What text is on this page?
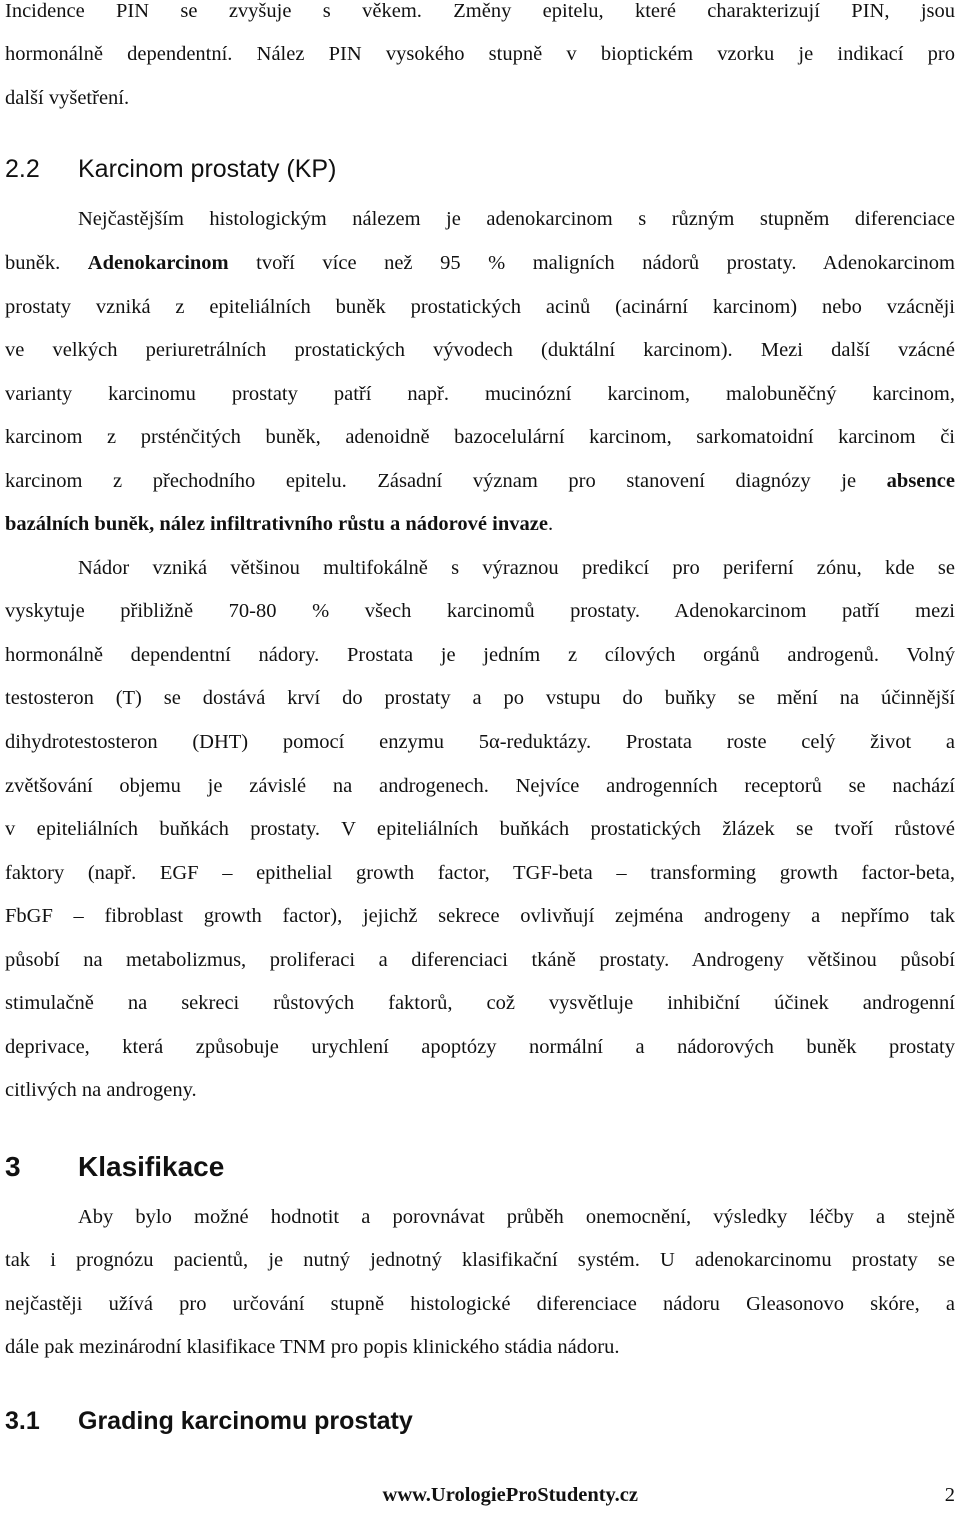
Incidence PIN se zvyšuje s věkem. Změny epitelu, které charakterizují PIN, jsou
hormonálně dependentní. Nález PIN vysokého stupně v bioptickém vzorku je indikací pro
další vyšetření.
2.2 Karcinom prostaty (KP)
Nejčastějším histologickým nálezem je adenokarcinom s různým stupněm diferenciace
buněk. Adenokarcinom tvoří více než 95 % maligních nádorů prostaty. Adenokarcinom
prostaty vzniká z epiteliálních buněk prostatických acinů (acinární karcinom) nebo vzácněji
ve velkých periuretrálních prostatických vývodech (duktální karcinom). Mezi další vzácné
varianty karcinomu prostaty patří např. mucinózní karcinom, malobuněčný karcinom,
karcinom z prsténčitých buněk, adenoidně bazocelulární karcinom, sarkomatoidní karcinom či
karcinom z přechodního epitelu. Zásadní význam pro stanovení diagnózy je absence
bazálních buněk, nález infiltrativního růstu a nádorové invaze.
Nádor vzniká většinou multifokálně s výraznou predikcí pro periferní zónu, kde se
vyskytuje přibližně 70-80 % všech karcinomů prostaty. Adenokarcinom patří mezi
hormonálně dependentní nádory. Prostata je jedním z cílových orgánů androgenů. Volný
testosteron (T) se dostává krví do prostaty a po vstupu do buňky se mění na účinnější
dihydrotestosteron (DHT) pomocí enzymu 5α-reduktázy. Prostata roste celý život a
zvětšování objemu je závislé na androgenech. Nejvíce androgenních receptorů se nachází
v epiteliálních buňkách prostaty. V epiteliálních buňkách prostatických žlázek se tvoří růstové
faktory (např. EGF – epithelial growth factor, TGF-beta – transforming growth factor-beta,
FbGF – fibroblast growth factor), jejichž sekrece ovlivňují zejména androgeny a nepřímo tak
působí na metabolizmus, proliferaci a diferenciaci tkáně prostaty. Androgeny většinou působí
stimulačně na sekreci růstových faktorů, což vysvětluje inhibiční účinek androgenní
deprivace, která způsobuje urychlení apoptózy normální a nádorových buněk prostaty
citlivých na androgeny.
3 Klasifikace
Aby bylo možné hodnotit a porovnávat průběh onemocnění, výsledky léčby a stejně
tak i prognózu pacientů, je nutný jednotný klasifikační systém. U adenokarcinomu prostaty se
nejčastěji užívá pro určování stupně histologické diferenciace nádoru Gleasonovo skóre, a
dále pak mezinárodní klasifikace TNM pro popis klinického stádia nádoru.
3.1 Grading karcinomu prostaty
www.UrologieProStudenty.cz	2
